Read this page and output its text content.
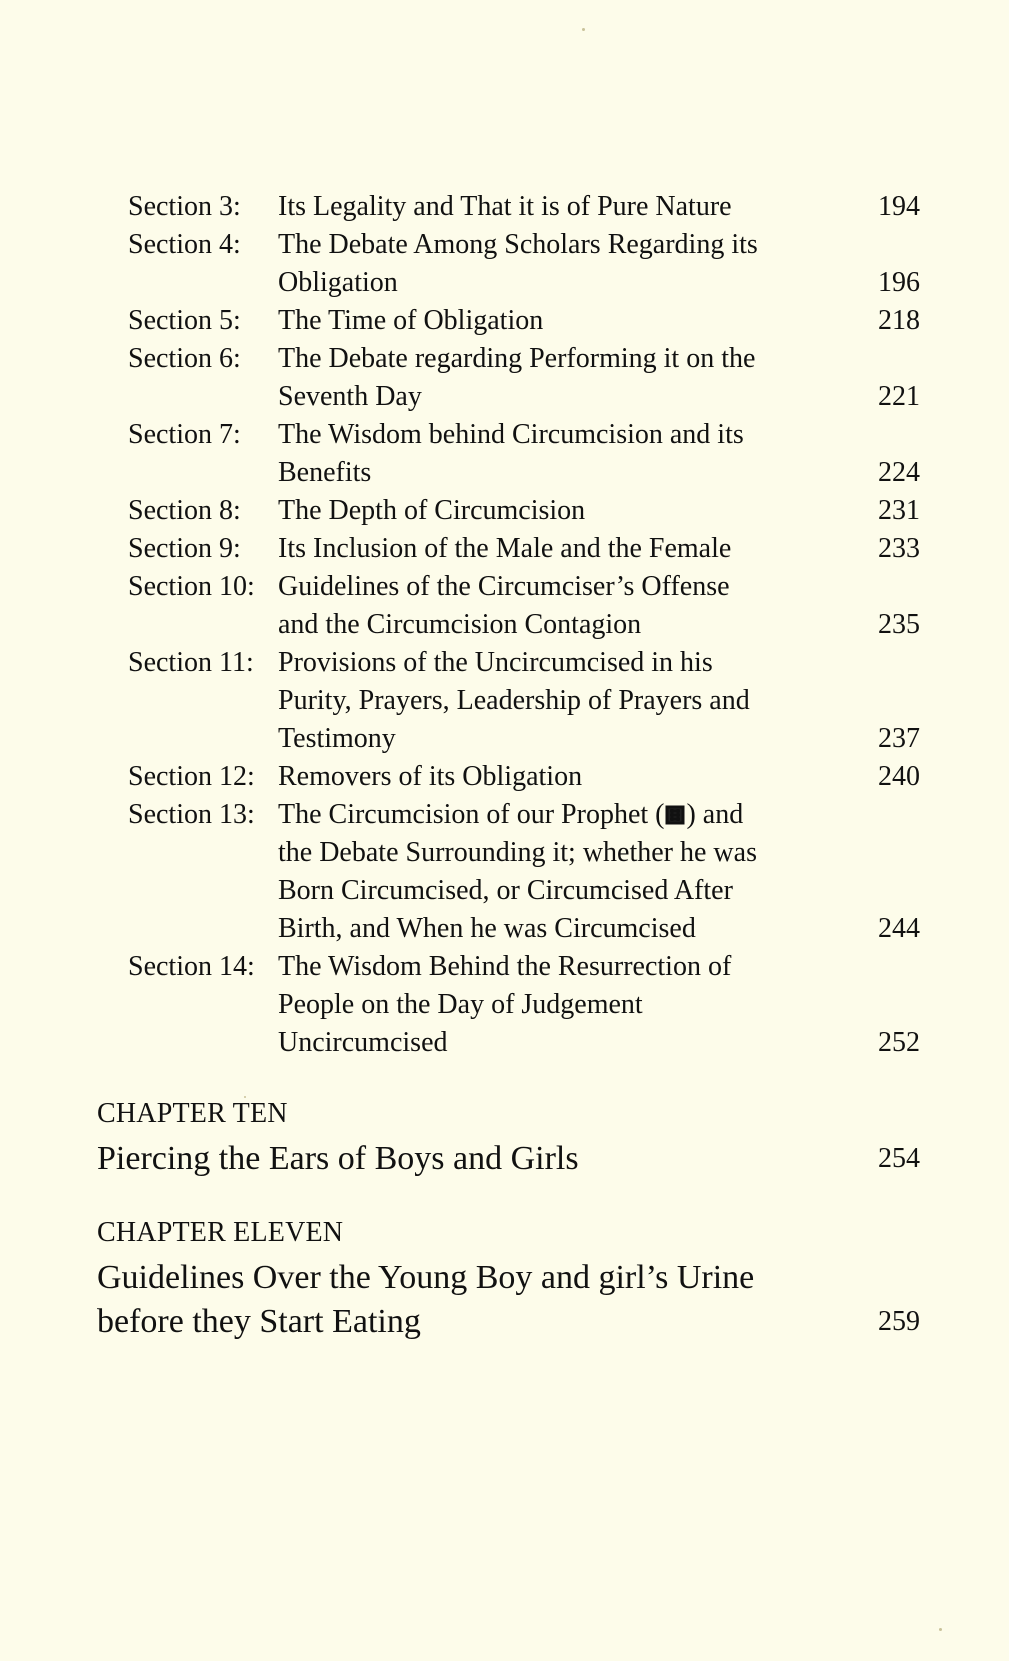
Section 3: Its Legality and That it is of Pure Nature	194
Section 4: The Debate Among Scholars Regarding its
Obligation	196
Section 5: The Time of Obligation	218
Section 6: The Debate regarding Performing it on the
Seventh Day	221
Section 7: The Wisdom behind Circumcision and its
Benefits	224
Section 8: The Depth of Circumcision	231
Section 9: Its Inclusion of the Male and the Female	233
Section 10: Guidelines of the Circumciser’s Offense
and the Circumcision Contagion	235
Section 11: Provisions of the Uncircumcised in his
Purity, Prayers, Leadership of Prayers and
Testimony	237
Section 12: Removers of its Obligation	240
Section 13: The Circumcision of our Prophet ( ) and
the Debate Surrounding it; whether he was
Born Circumcised, or Circumcised After
Birth, and When he was Circumcised	244
Section 14: The Wisdom Behind the Resurrection of
People on the Day of Judgement
Uncircumcised	252
CHAPTER TEN
Piercing the Ears of Boys and Girls	254
CHAPTER ELEVEN
Guidelines Over the Young Boy and girl’s Urine
before they Start Eating	259
